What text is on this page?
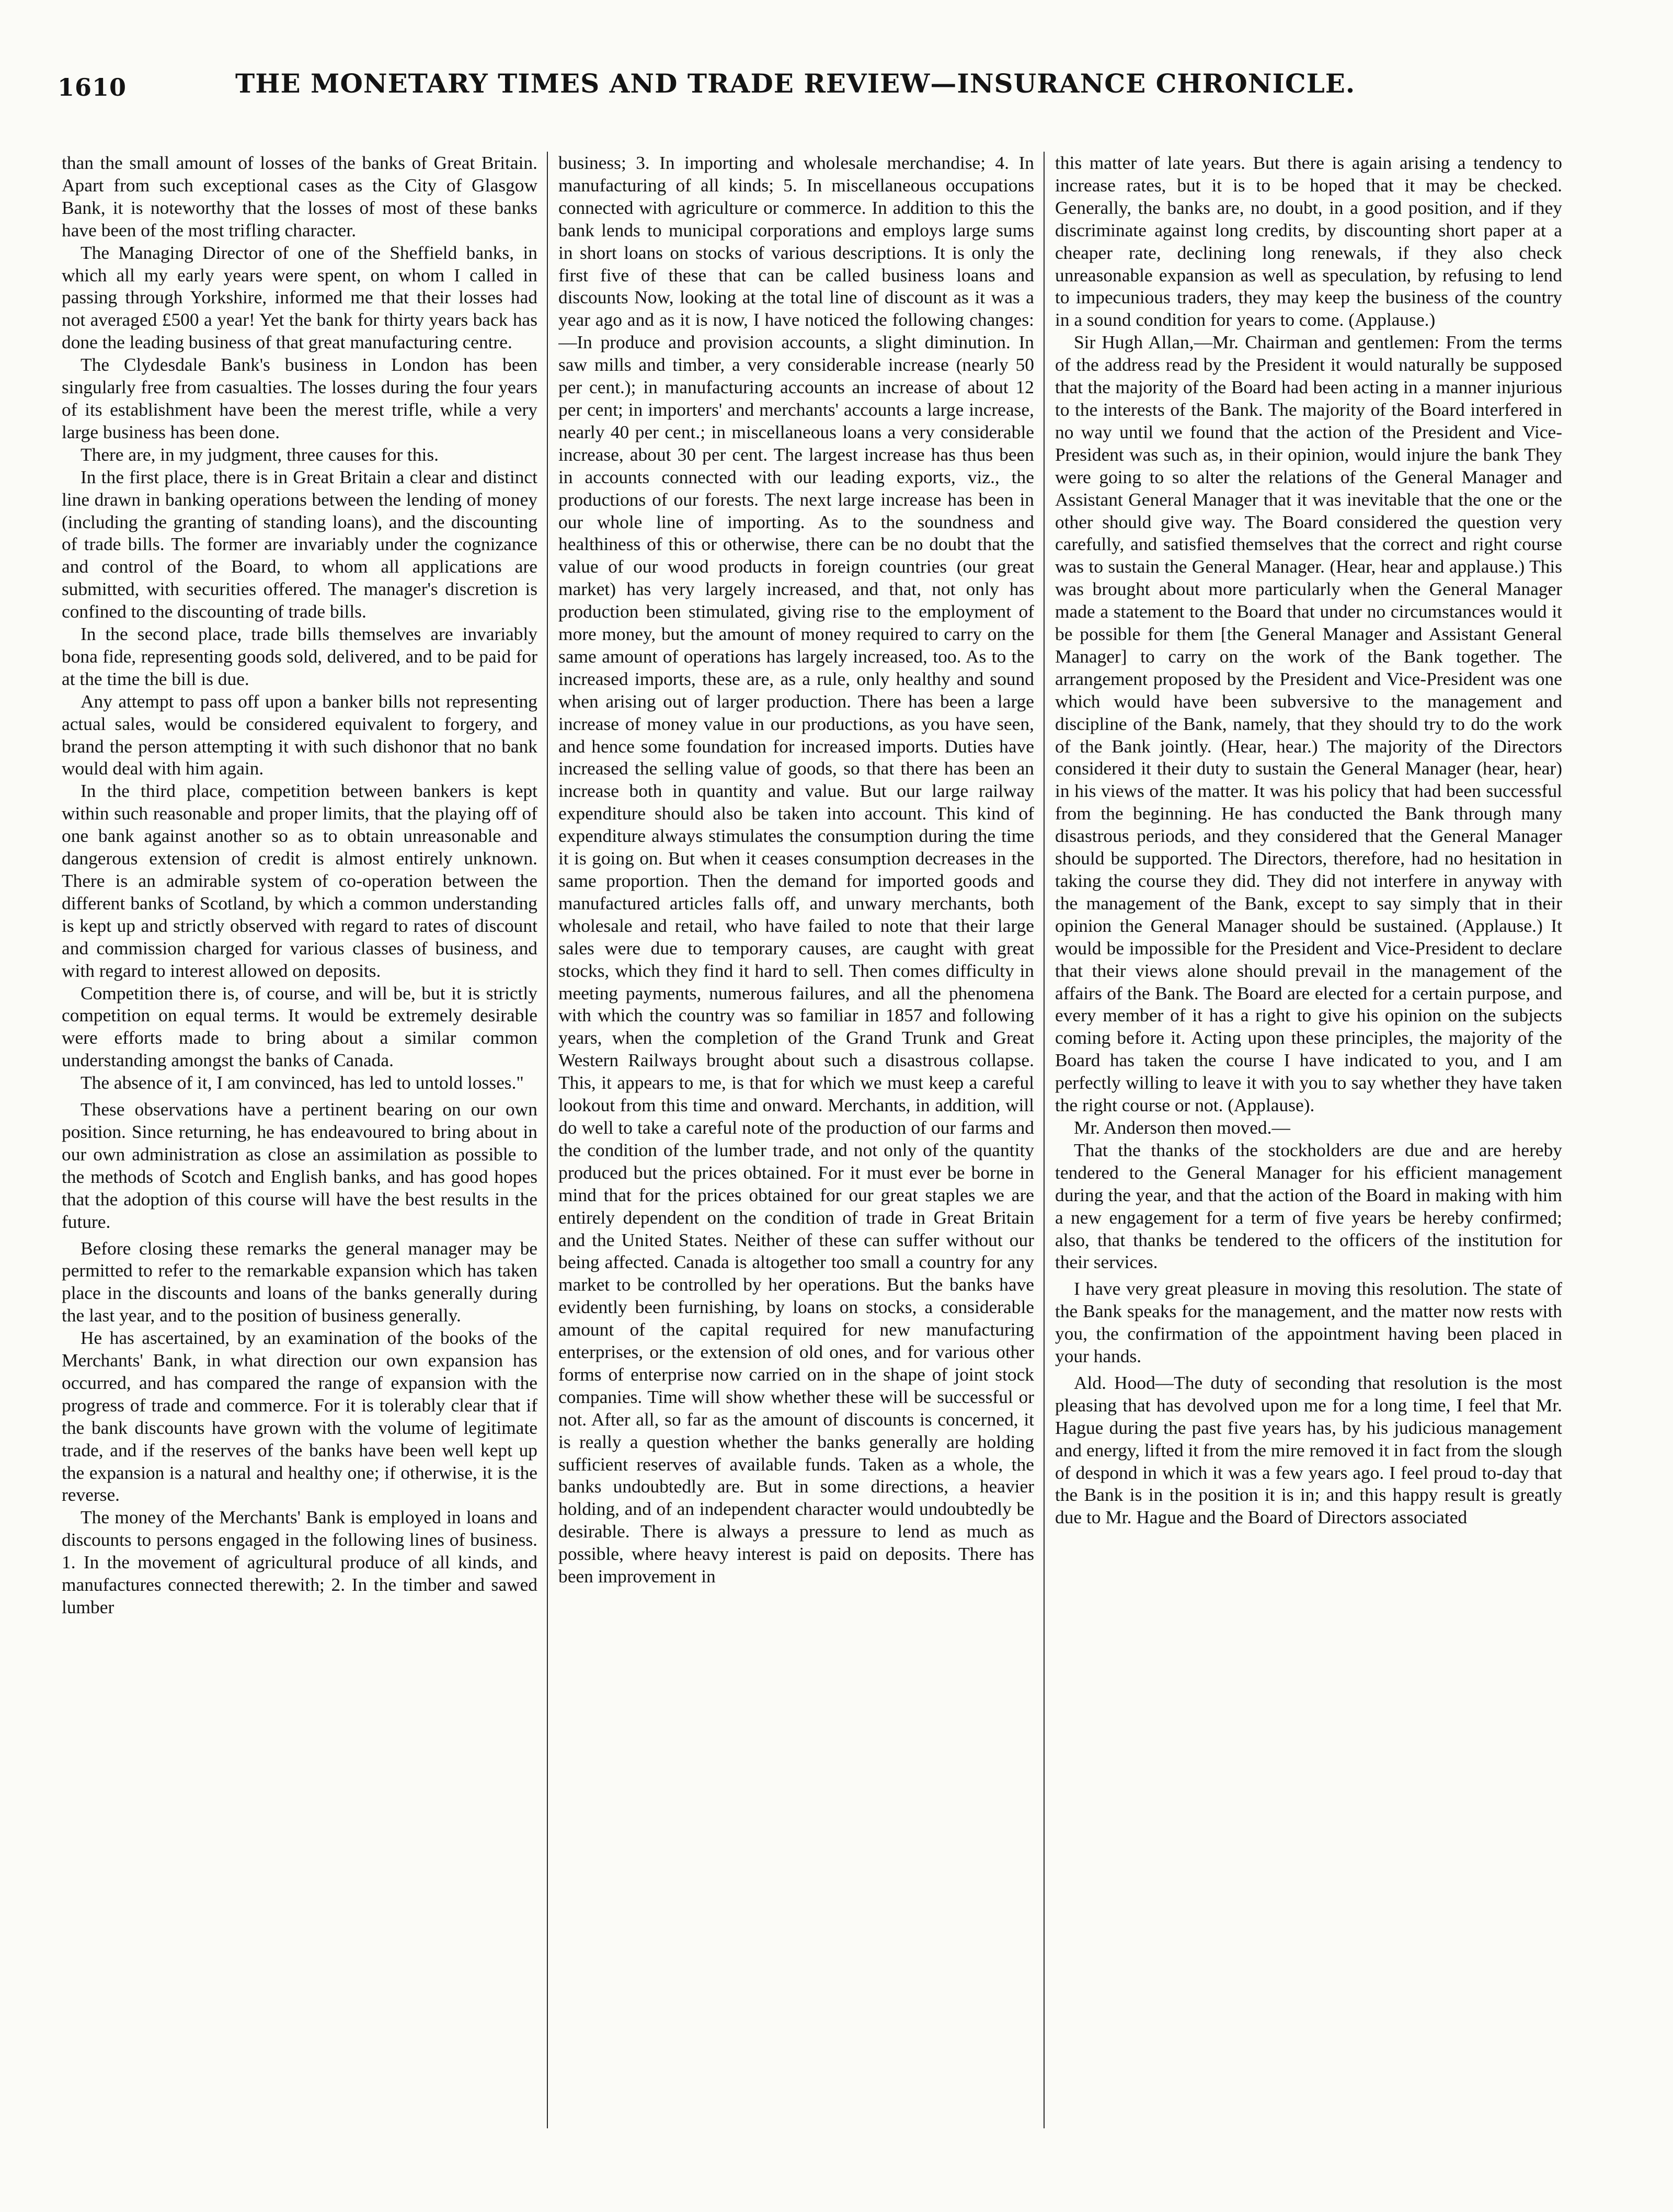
1610	THE MONETARY TIMES AND TRADE REVIEW—INSURANCE CHRONICLE.

than the small amount of losses of the banks of Great Britain. Apart from such exceptional cases as the City of Glasgow Bank, it is noteworthy that the losses of most of these banks have been of the most trifling character.

The Managing Director of one of the Sheffield banks, in which all my early years were spent, on whom I called in passing through Yorkshire, informed me that their losses had not averaged £500 a year! Yet the bank for thirty years back has done the leading business of that great manufacturing centre.

The Clydesdale Bank's business in London has been singularly free from casualties. The losses during the four years of its establishment have been the merest trifle, while a very large business has been done.

There are, in my judgment, three causes for this.

In the first place, there is in Great Britain a clear and distinct line drawn in banking operations between the lending of money (including the granting of standing loans), and the discounting of trade bills. The former are invariably under the cognizance and control of the Board, to whom all applications are submitted, with securities offered. The manager's discretion is confined to the discounting of trade bills.

In the second place, trade bills themselves are invariably bona fide, representing goods sold, delivered, and to be paid for at the time the bill is due.

Any attempt to pass off upon a banker bills not representing actual sales, would be considered equivalent to forgery, and brand the person attempting it with such dishonor that no bank would deal with him again.

In the third place, competition between bankers is kept within such reasonable and proper limits, that the playing off of one bank against another so as to obtain unreasonable and dangerous extension of credit is almost entirely unknown. There is an admirable system of co-operation between the different banks of Scotland, by which a common understanding is kept up and strictly observed with regard to rates of discount and commission charged for various classes of business, and with regard to interest allowed on deposits.

Competition there is, of course, and will be, but it is strictly competition on equal terms. It would be extremely desirable were efforts made to bring about a similar common understanding amongst the banks of Canada.

The absence of it, I am convinced, has led to untold losses."

These observations have a pertinent bearing on our own position. Since returning, he has endeavoured to bring about in our own administration as close an assimilation as possible to the methods of Scotch and English banks, and has good hopes that the adoption of this course will have the best results in the future.

Before closing these remarks the general manager may be permitted to refer to the remarkable expansion which has taken place in the discounts and loans of the banks generally during the last year, and to the position of business generally.

He has ascertained, by an examination of the books of the Merchants' Bank, in what direction our own expansion has occurred, and has compared the range of expansion with the progress of trade and commerce. For it is tolerably clear that if the bank discounts have grown with the volume of legitimate trade, and if the reserves of the banks have been well kept up the expansion is a natural and healthy one; if otherwise, it is the reverse.

The money of the Merchants' Bank is employed in loans and discounts to persons engaged in the following lines of business. 1. In the movement of agricultural produce of all kinds, and manufactures connected therewith; 2. In the timber and sawed lumber

business; 3. In importing and wholesale merchandise; 4. In manufacturing of all kinds; 5. In miscellaneous occupations connected with agriculture or commerce. In addition to this the bank lends to municipal corporations and employs large sums in short loans on stocks of various descriptions. It is only the first five of these that can be called business loans and discounts Now, looking at the total line of discount as it was a year ago and as it is now, I have noticed the following changes:—In produce and provision accounts, a slight diminution. In saw mills and timber, a very considerable increase (nearly 50 per cent.); in manufacturing accounts an increase of about 12 per cent; in importers' and merchants' accounts a large increase, nearly 40 per cent.; in miscellaneous loans a very considerable increase, about 30 per cent. The largest increase has thus been in accounts connected with our leading exports, viz., the productions of our forests. The next large increase has been in our whole line of importing. As to the soundness and healthiness of this or otherwise, there can be no doubt that the value of our wood products in foreign countries (our great market) has very largely increased, and that, not only has production been stimulated, giving rise to the employment of more money, but the amount of money required to carry on the same amount of operations has largely increased, too. As to the increased imports, these are, as a rule, only healthy and sound when arising out of larger production. There has been a large increase of money value in our productions, as you have seen, and hence some foundation for increased imports. Duties have increased the selling value of goods, so that there has been an increase both in quantity and value. But our large railway expenditure should also be taken into account. This kind of expenditure always stimulates the consumption during the time it is going on. But when it ceases consumption decreases in the same proportion. Then the demand for imported goods and manufactured articles falls off, and unwary merchants, both wholesale and retail, who have failed to note that their large sales were due to temporary causes, are caught with great stocks, which they find it hard to sell. Then comes difficulty in meeting payments, numerous failures, and all the phenomena with which the country was so familiar in 1857 and following years, when the completion of the Grand Trunk and Great Western Railways brought about such a disastrous collapse. This, it appears to me, is that for which we must keep a careful lookout from this time and onward. Merchants, in addition, will do well to take a careful note of the production of our farms and the condition of the lumber trade, and not only of the quantity produced but the prices obtained. For it must ever be borne in mind that for the prices obtained for our great staples we are entirely dependent on the condition of trade in Great Britain and the United States. Neither of these can suffer without our being affected. Canada is altogether too small a country for any market to be controlled by her operations. But the banks have evidently been furnishing, by loans on stocks, a considerable amount of the capital required for new manufacturing enterprises, or the extension of old ones, and for various other forms of enterprise now carried on in the shape of joint stock companies. Time will show whether these will be successful or not. After all, so far as the amount of discounts is concerned, it is really a question whether the banks generally are holding sufficient reserves of available funds. Taken as a whole, the banks undoubtedly are. But in some directions, a heavier holding, and of an independent character would undoubtedly be desirable. There is always a pressure to lend as much as possible, where heavy interest is paid on deposits. There has been improvement in

this matter of late years. But there is again arising a tendency to increase rates, but it is to be hoped that it may be checked. Generally, the banks are, no doubt, in a good position, and if they discriminate against long credits, by discounting short paper at a cheaper rate, declining long renewals, if they also check unreasonable expansion as well as speculation, by refusing to lend to impecunious traders, they may keep the business of the country in a sound condition for years to come. (Applause.)

Sir Hugh Allan,—Mr. Chairman and gentlemen: From the terms of the address read by the President it would naturally be supposed that the majority of the Board had been acting in a manner injurious to the interests of the Bank. The majority of the Board interfered in no way until we found that the action of the President and Vice-President was such as, in their opinion, would injure the bank They were going to so alter the relations of the General Manager and Assistant General Manager that it was inevitable that the one or the other should give way. The Board considered the question very carefully, and satisfied themselves that the correct and right course was to sustain the General Manager. (Hear, hear and applause.) This was brought about more particularly when the General Manager made a statement to the Board that under no circumstances would it be possible for them [the General Manager and Assistant General Manager] to carry on the work of the Bank together. The arrangement proposed by the President and Vice-President was one which would have been subversive to the management and discipline of the Bank, namely, that they should try to do the work of the Bank jointly. (Hear, hear.) The majority of the Directors considered it their duty to sustain the General Manager (hear, hear) in his views of the matter. It was his policy that had been successful from the beginning. He has conducted the Bank through many disastrous periods, and they considered that the General Manager should be supported. The Directors, therefore, had no hesitation in taking the course they did. They did not interfere in anyway with the management of the Bank, except to say simply that in their opinion the General Manager should be sustained. (Applause.) It would be impossible for the President and Vice-President to declare that their views alone should prevail in the management of the affairs of the Bank. The Board are elected for a certain purpose, and every member of it has a right to give his opinion on the subjects coming before it. Acting upon these principles, the majority of the Board has taken the course I have indicated to you, and I am perfectly willing to leave it with you to say whether they have taken the right course or not. (Applause).

Mr. Anderson then moved.—

That the thanks of the stockholders are due and are hereby tendered to the General Manager for his efficient management during the year, and that the action of the Board in making with him a new engagement for a term of five years be hereby confirmed; also, that thanks be tendered to the officers of the institution for their services.

I have very great pleasure in moving this resolution. The state of the Bank speaks for the management, and the matter now rests with you, the confirmation of the appointment having been placed in your hands.

Ald. Hood—The duty of seconding that resolution is the most pleasing that has devolved upon me for a long time, I feel that Mr. Hague during the past five years has, by his judicious management and energy, lifted it from the mire removed it in fact from the slough of despond in which it was a few years ago. I feel proud to-day that the Bank is in the position it is in; and this happy result is greatly due to Mr. Hague and the Board of Directors associated
